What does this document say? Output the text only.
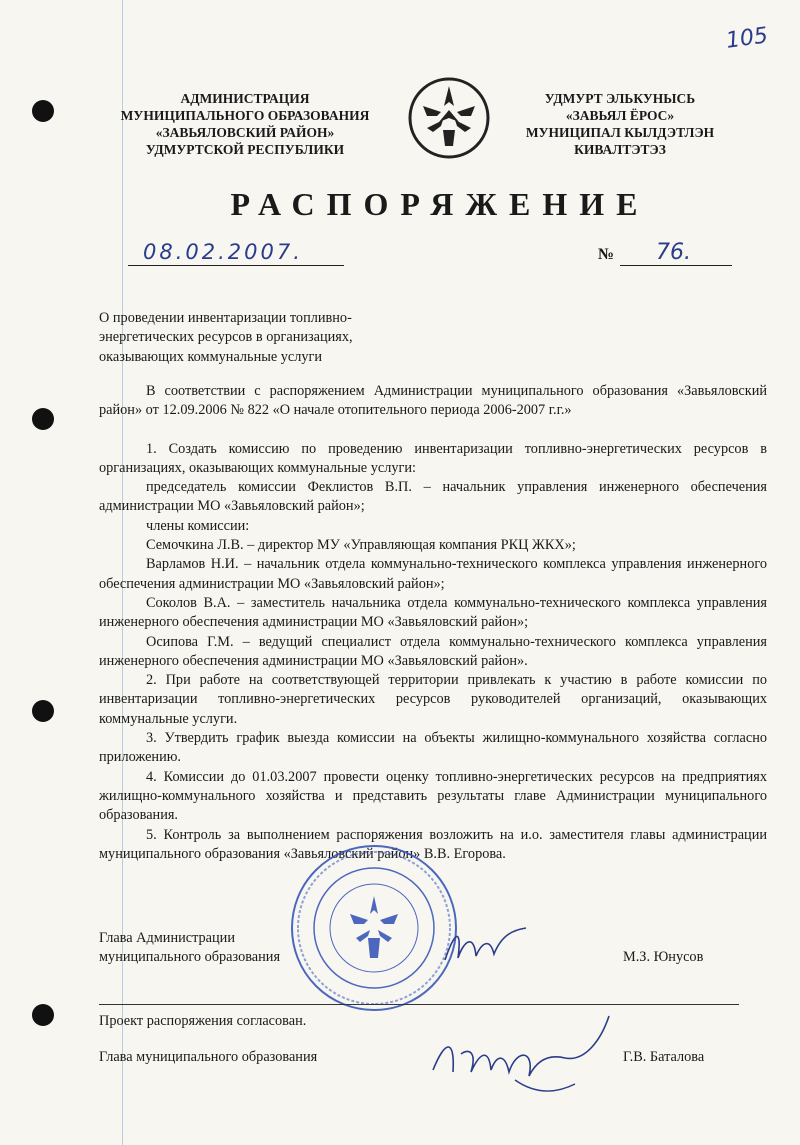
105
АДМИНИСТРАЦИЯ
МУНИЦИПАЛЬНОГО ОБРАЗОВАНИЯ
«ЗАВЬЯЛОВСКИЙ РАЙОН»
УДМУРТСКОЙ РЕСПУБЛИКИ
УДМУРТ ЭЛЬКУНЫСЬ
«ЗАВЬЯЛ ЁРОС»
МУНИЦИПАЛ КЫЛДЭТЛЭН
КИВАЛТЭТЭЗ
РАСПОРЯЖЕНИЕ
08.02.2007.	№ 76.
О проведении инвентаризации топливно-
энергетических ресурсов в организациях,
оказывающих коммунальные услуги

В соответствии с распоряжением Администрации муниципального образования «Завьяловский район» от 12.09.2006 № 822 «О начале отопительного периода 2006-2007 г.г.»

1. Создать комиссию по проведению инвентаризации топливно-энергетических ресурсов в организациях, оказывающих коммунальные услуги:

председатель комиссии Феклистов В.П. – начальник управления инженерного обеспечения администрации МО «Завьяловский район»;

члены комиссии:

Семочкина Л.В. – директор МУ «Управляющая компания РКЦ ЖКХ»;

Варламов Н.И. – начальник отдела коммунально-технического комплекса управления инженерного обеспечения администрации МО «Завьяловский район»;

Соколов В.А. – заместитель начальника отдела коммунально-технического комплекса управления инженерного обеспечения администрации МО «Завьяловский район»;

Осипова Г.М. – ведущий специалист отдела коммунально-технического комплекса управления инженерного обеспечения администрации МО «Завьяловский район».

2. При работе на соответствующей территории привлекать к участию в работе комиссии по инвентаризации топливно-энергетических ресурсов руководителей организаций, оказывающих коммунальные услуги.

3. Утвердить график выезда комиссии на объекты жилищно-коммунального хозяйства согласно приложению.

4. Комиссии до 01.03.2007 провести оценку топливно-энергетических ресурсов на предприятиях жилищно-коммунального хозяйства и представить результаты главе Администрации муниципального образования.

5. Контроль за выполнением распоряжения возложить на и.о. заместителя главы администрации муниципального образования «Завьяловский район» В.В. Егорова.

Глава Администрации
муниципального образования	М.З. Юнусов
Проект распоряжения согласован.
Глава муниципального образования	Г.В. Баталова
